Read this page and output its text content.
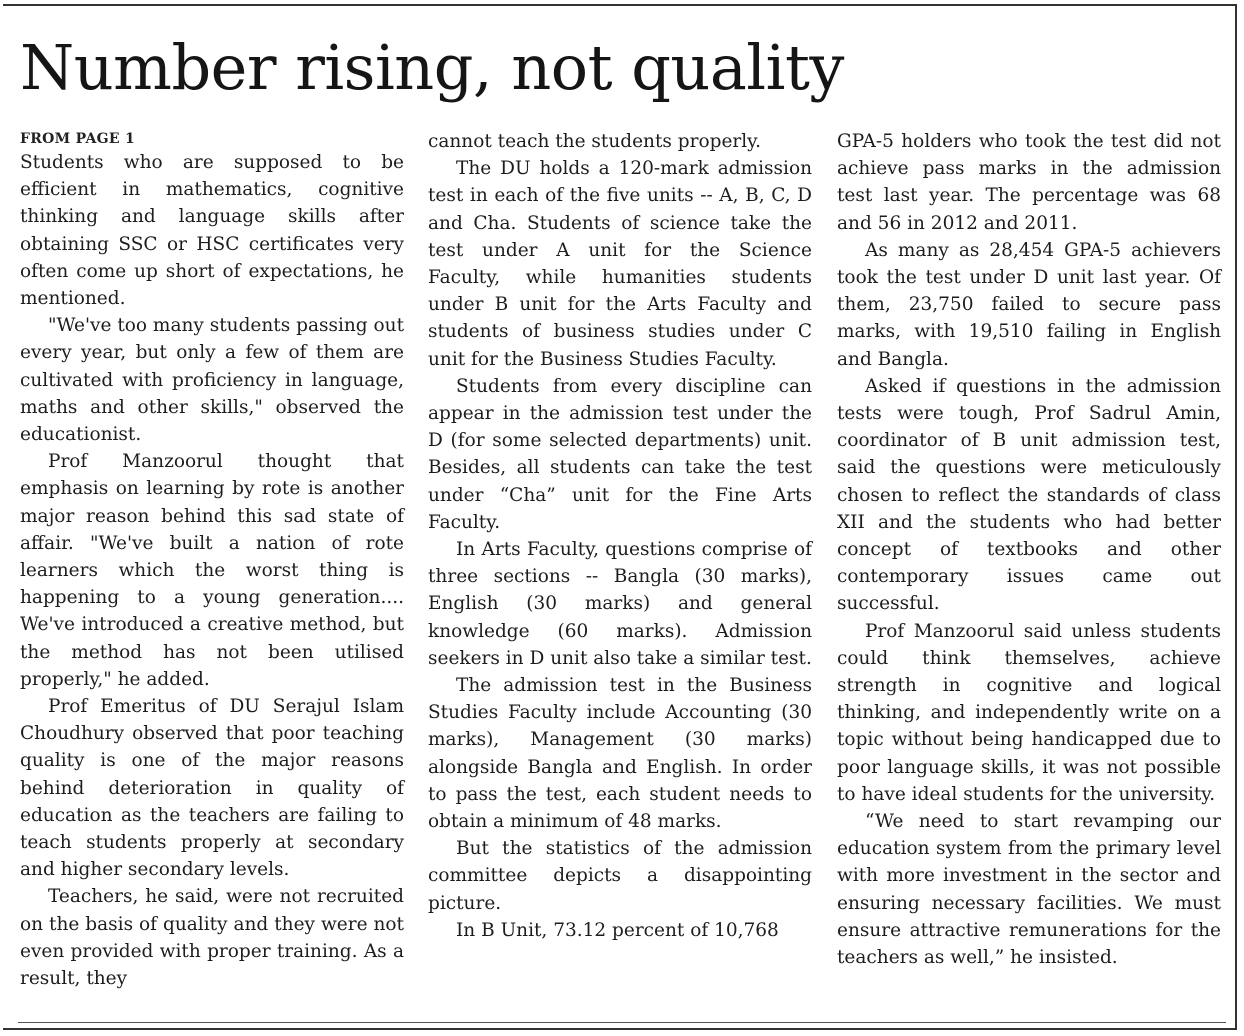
Number rising, not quality
FROM PAGE 1

Students who are supposed to be efficient in mathematics, cognitive thinking and language skills after obtaining SSC or HSC certificates very often come up short of expectations, he mentioned.

"We've too many students passing out every year, but only a few of them are cultivated with proficiency in language, maths and other skills," observed the educationist.

Prof Manzoorul thought that emphasis on learning by rote is another major reason behind this sad state of affair. "We've built a nation of rote learners which the worst thing is happening to a young generation.... We've introduced a creative method, but the method has not been utilised properly," he added.

Prof Emeritus of DU Serajul Islam Choudhury observed that poor teaching quality is one of the major reasons behind deterioration in quality of education as the teachers are failing to teach students properly at secondary and higher secondary levels.

Teachers, he said, were not recruited on the basis of quality and they were not even provided with proper training. As a result, they

cannot teach the students properly.

The DU holds a 120-mark admission test in each of the five units -- A, B, C, D and Cha. Students of science take the test under A unit for the Science Faculty, while humanities students under B unit for the Arts Faculty and students of business studies under C unit for the Business Studies Faculty.

Students from every discipline can appear in the admission test under the D (for some selected departments) unit. Besides, all students can take the test under “Cha” unit for the Fine Arts Faculty.

In Arts Faculty, questions comprise of three sections -- Bangla (30 marks), English (30 marks) and general knowledge (60 marks). Admission seekers in D unit also take a similar test.

The admission test in the Business Studies Faculty include Accounting (30 marks), Management (30 marks) alongside Bangla and English. In order to pass the test, each student needs to obtain a minimum of 48 marks.

But the statistics of the admission committee depicts a disappointing picture.

In B Unit, 73.12 percent of 10,768

GPA-5 holders who took the test did not achieve pass marks in the admission test last year. The percentage was 68 and 56 in 2012 and 2011.

As many as 28,454 GPA-5 achievers took the test under D unit last year. Of them, 23,750 failed to secure pass marks, with 19,510 failing in English and Bangla.

Asked if questions in the admission tests were tough, Prof Sadrul Amin, coordinator of B unit admission test, said the questions were meticulously chosen to reflect the standards of class XII and the students who had better concept of textbooks and other contemporary issues came out successful.

Prof Manzoorul said unless students could think themselves, achieve strength in cognitive and logical thinking, and independently write on a topic without being handicapped due to poor language skills, it was not possible to have ideal students for the university.

“We need to start revamping our education system from the primary level with more investment in the sector and ensuring necessary facilities. We must ensure attractive remunerations for the teachers as well,” he insisted.
